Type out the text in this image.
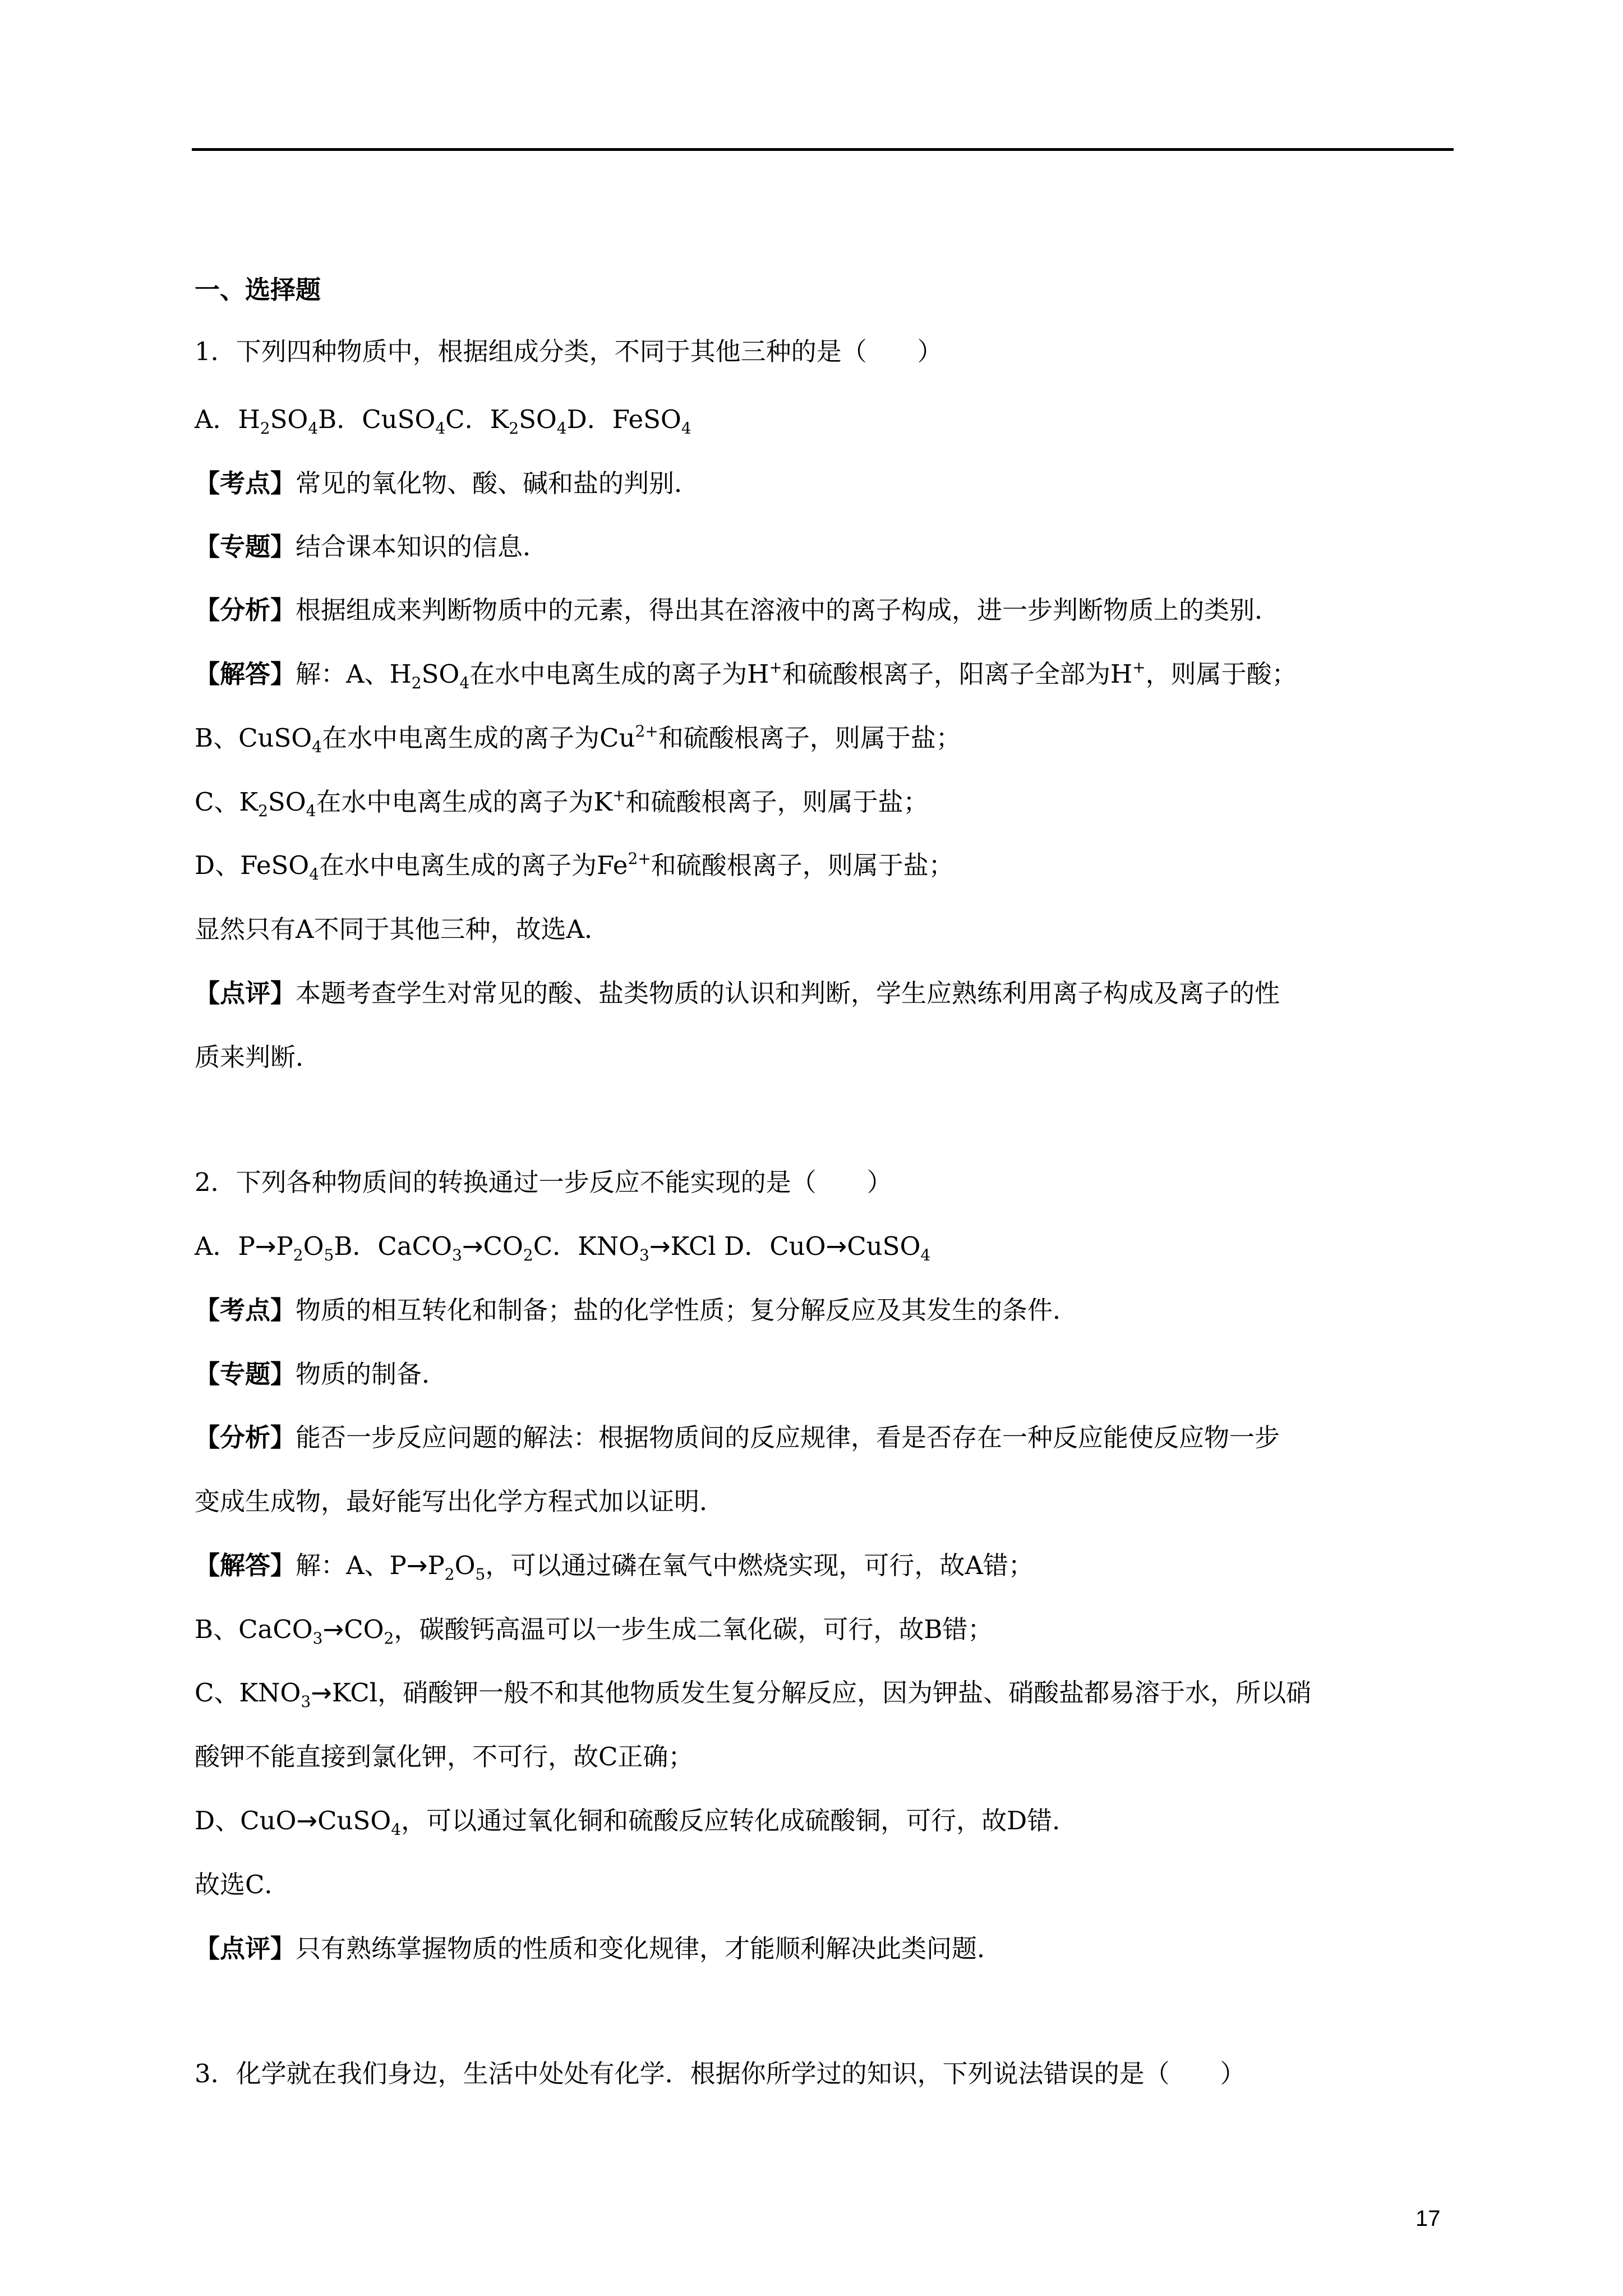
一、选择题
1．下列四种物质中，根据组成分类，不同于其他三种的是（　　）
A．$H_2SO_4B$．CuSO$_4$C．$K_2SO_4D$．FeSO$_4$
【考点】常见的氧化物、酸、碱和盐的判别．
【专题】结合课本知识的信息．
【分析】根据组成来判断物质中的元素，得出其在溶液中的离子构成，进一步判断物质上的类别．
【解答】解：A、$H_2SO_4$在水中电离生成的离子为H+和硫酸根离子，阳离子全部为H+，则属于酸；
B、CuSO$_4$在水中电离生成的离子为$Cu^{2+}$和硫酸根离子，则属于盐；
C、$K_2SO_4$在水中电离生成的离子为K+和硫酸根离子，则属于盐；
D、FeSO$_4$在水中电离生成的离子为$Fe^{2+}$和硫酸根离子，则属于盐；
显然只有A不同于其他三种，故选A．
【点评】本题考查学生对常见的酸、盐类物质的认识和判断，学生应熟练利用离子构成及离子的性
质来判断．
2．下列各种物质间的转换通过一步反应不能实现的是（　　）
A．$P\to P_2O_5B$．$CaCO_3\to CO_2C$．$KNO_3\to KCl$ D．CuO→CuSO$_4$
【考点】物质的相互转化和制备；盐的化学性质；复分解反应及其发生的条件．
【专题】物质的制备．
【分析】能否一步反应问题的解法：根据物质间的反应规律，看是否存在一种反应能使反应物一步
变成生成物，最好能写出化学方程式加以证明．
【解答】解：A、$P\to P_2O_5$，可以通过磷在氧气中燃烧实现，可行，故A错；
B、$CaCO_3\to CO_2$，碳酸钙高温可以一步生成二氧化碳，可行，故B错；
C、$KNO_3\to KCl$，硝酸钾一般不和其他物质发生复分解反应，因为钾盐、硝酸盐都易溶于水，所以硝
酸钾不能直接到氯化钾，不可行，故C正确；
D、CuO→CuSO$_4$，可以通过氧化铜和硫酸反应转化成硫酸铜，可行，故D错．
故选C．
【点评】只有熟练掌握物质的性质和变化规律，才能顺利解决此类问题．
3．化学就在我们身边，生活中处处有化学．根据你所学过的知识，下列说法错误的是（　　）
17
